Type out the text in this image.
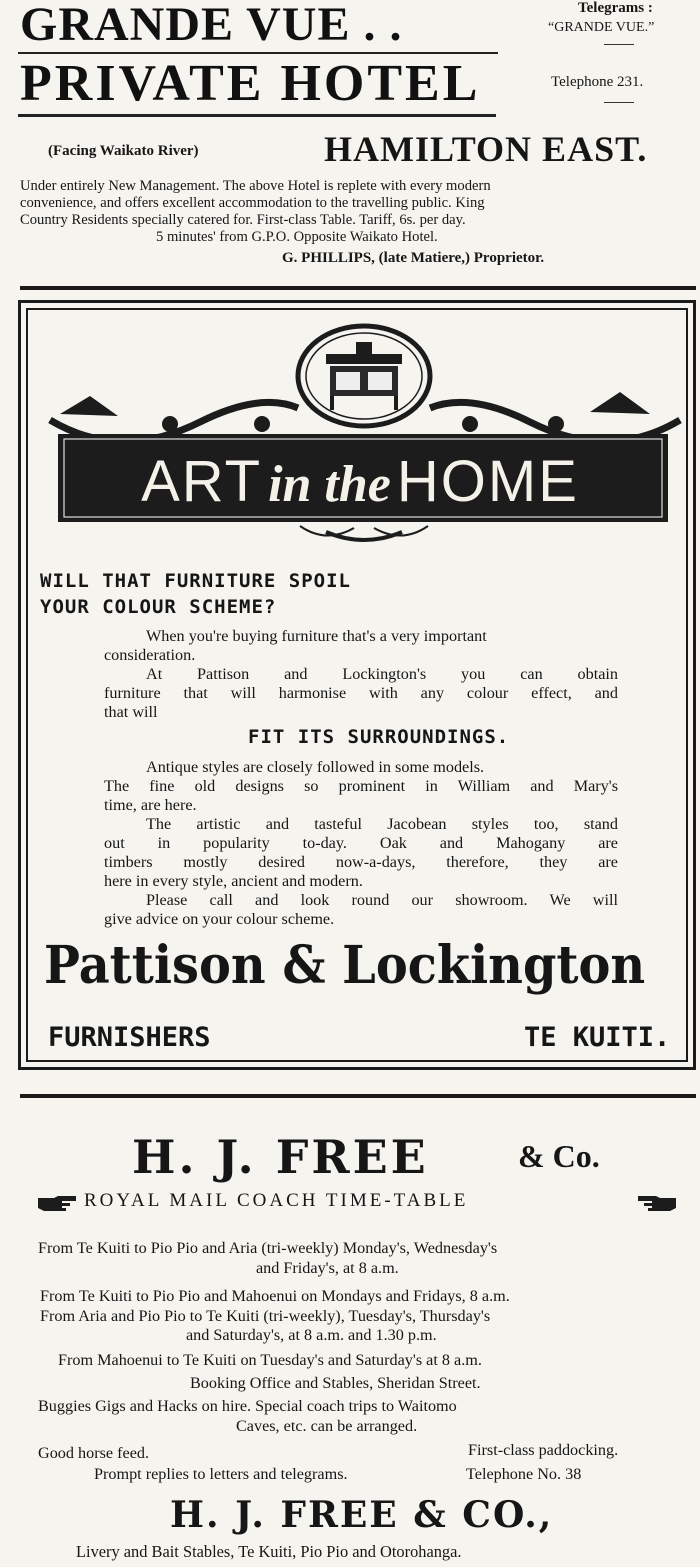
GRANDE VUE . .
PRIVATE HOTEL
Telegrams :
“GRANDE VUE.”
Telephone 231.
(Facing Waikato River)	HAMILTON EAST.
Under entirely New Management. The above Hotel is replete with every modern
convenience, and offers excellent accommodation to the travelling public. King
Country Residents specially catered for. First-class Table. Tariff, 6s. per day.
5 minutes' from G.P.O. Opposite Waikato Hotel.
G. PHILLIPS, (late Matiere,) Proprietor.
ART in the HOME
WILL THAT FURNITURE SPOIL
YOUR COLOUR SCHEME?
When you're buying furniture that's a very important
consideration.
At Pattison and Lockington's you can obtain
furniture that will harmonise with any colour effect, and
that will
FIT ITS SURROUNDINGS.
Antique styles are closely followed in some models.
The fine old designs so prominent in William and Mary's
time, are here.
The artistic and tasteful Jacobean styles too, stand
out in popularity to-day. Oak and Mahogany are
timbers mostly desired now-a-days, therefore, they are
here in every style, ancient and modern.
Please call and look round our showroom. We will
give advice on your colour scheme.
Pattison & Lockington
FURNISHERS	TE KUITI.
H. J. FREE	& Co.
ROYAL MAIL COACH TIME-TABLE
From Te Kuiti to Pio Pio and Aria (tri-weekly) Monday's, Wednesday's
and Friday's, at 8 a.m.
From Te Kuiti to Pio Pio and Mahoenui on Mondays and Fridays, 8 a.m.
From Aria and Pio Pio to Te Kuiti (tri-weekly), Tuesday's, Thursday's
and Saturday's, at 8 a.m. and 1.30 p.m.
From Mahoenui to Te Kuiti on Tuesday's and Saturday's at 8 a.m.
Booking Office and Stables, Sheridan Street.
Buggies Gigs and Hacks on hire. Special coach trips to Waitomo
Caves, etc. can be arranged.
Good horse feed.	First-class paddocking.
Prompt replies to letters and telegrams.	Telephone No. 38
H. J. FREE & CO.,
Livery and Bait Stables, Te Kuiti, Pio Pio and Otorohanga.
